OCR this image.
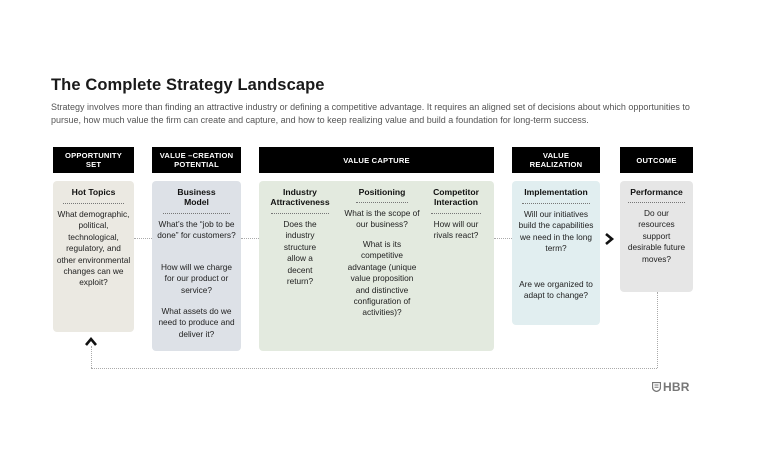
The Complete Strategy Landscape
Strategy involves more than finding an attractive industry or defining a competitive advantage. It requires an aligned set of decisions about which opportunities to pursue, how much value the firm can create and capture, and how to keep realizing value and build a foundation for long-term success.
OPPORTUNITY SET
VALUE –CREATION POTENTIAL	VALUE CAPTURE	VALUE REALIZATION	OUTCOME
Hot Topics
What demographic, political, technological, regulatory, and other environmental changes can we exploit?
Business Model
What’s the “job to be done” for customers?
How will we charge for our product or service?
What assets do we need to produce and deliver it?
Industry Attractiveness
Does the industry structure allow a decent return?
Positioning
What is the scope of our business?
What is its competitive advantage (unique value proposition and distinctive configuration of activities)?
Competitor Interaction
How will our rivals react?
Implementation
Will our initiatives build the capabilities we need in the long term?
Are we organized to adapt to change?
Performance
Do our resources support desirable future moves?
HBR
